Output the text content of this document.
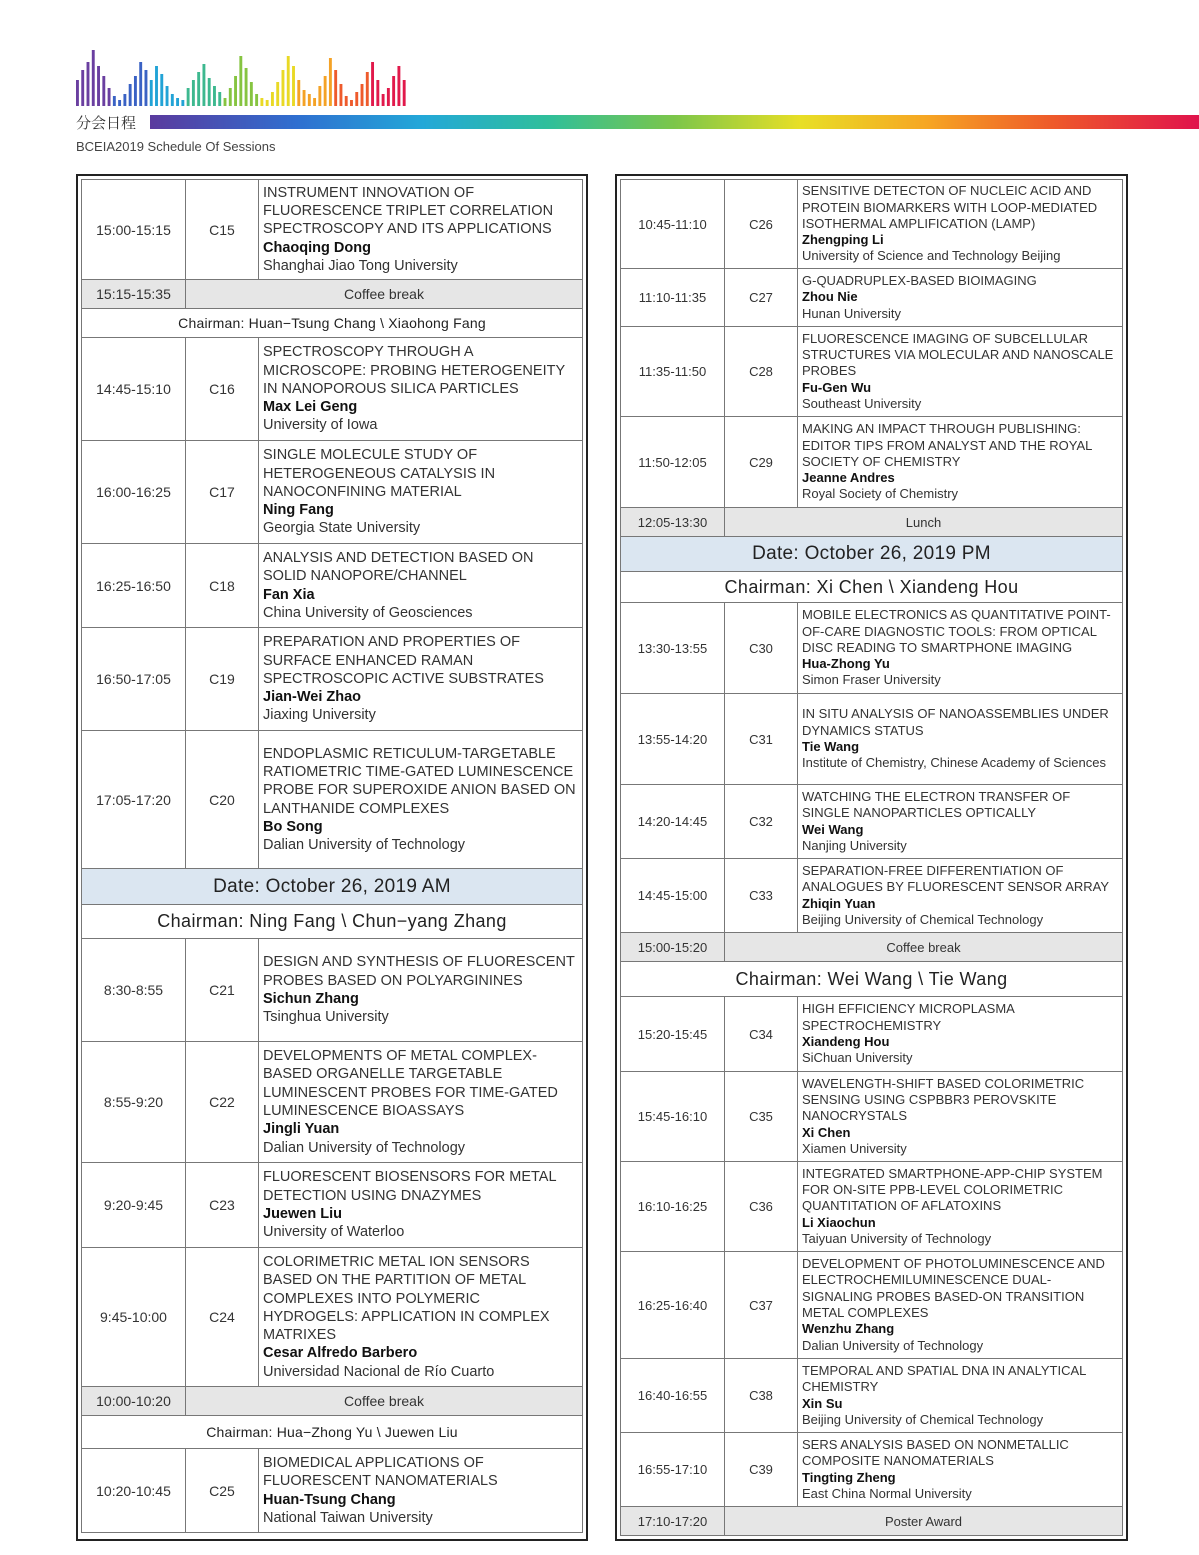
分会日程
BCEIA2019 Schedule Of Sessions
15:00-15:15	C15	INSTRUMENT INNOVATION OF FLUORESCENCE TRIPLET CORRELATION SPECTROSCOPY AND ITS APPLICATIONS
Chaoqing Dong
Shanghai Jiao Tong University

15:15-15:35	Coffee break	
Chairman: Huan−Tsung Chang \ Xiaohong Fang		
14:45-15:10	C16	SPECTROSCOPY THROUGH A MICROSCOPE: PROBING HETEROGENEITY IN NANOPOROUS SILICA PARTICLES
Max Lei Geng
University of Iowa

16:00-16:25	C17	SINGLE MOLECULE STUDY OF HETEROGENEOUS CATALYSIS IN NANOCONFINING MATERIAL
Ning Fang
Georgia State University

16:25-16:50	C18	ANALYSIS AND DETECTION BASED ON SOLID NANOPORE/CHANNEL
Fan Xia
China University of Geosciences

16:50-17:05	C19	PREPARATION AND PROPERTIES OF SURFACE ENHANCED RAMAN SPECTROSCOPIC ACTIVE SUBSTRATES
Jian-Wei Zhao
Jiaxing University

17:05-17:20	C20	ENDOPLASMIC RETICULUM-TARGETABLE RATIOMETRIC TIME-GATED LUMINESCENCE PROBE FOR SUPEROXIDE ANION BASED ON LANTHANIDE COMPLEXES
Bo Song
Dalian University of Technology

Date: October 26, 2019 AM		
Chairman: Ning Fang \ Chun−yang Zhang		
8:30-8:55	C21	DESIGN AND SYNTHESIS OF FLUORESCENT PROBES BASED ON POLYARGININES
Sichun Zhang
Tsinghua University

8:55-9:20	C22	DEVELOPMENTS OF METAL COMPLEX-BASED ORGANELLE TARGETABLE LUMINESCENT PROBES FOR TIME-GATED LUMINESCENCE BIOASSAYS
Jingli Yuan
Dalian University of Technology

9:20-9:45	C23	FLUORESCENT BIOSENSORS FOR METAL DETECTION USING DNAZYMES
Juewen Liu
University of Waterloo

9:45-10:00	C24	COLORIMETRIC METAL ION SENSORS BASED ON THE PARTITION OF METAL COMPLEXES INTO POLYMERIC HYDROGELS: APPLICATION IN COMPLEX MATRIXES
Cesar Alfredo Barbero
Universidad Nacional de Río Cuarto

10:00-10:20	Coffee break	
Chairman: Hua−Zhong Yu \ Juewen Liu		
10:20-10:45	C25	BIOMEDICAL APPLICATIONS OF FLUORESCENT NANOMATERIALS
Huan-Tsung Chang
National Taiwan University
10:45-11:10	C26	SENSITIVE DETECTON OF NUCLEIC ACID AND PROTEIN BIOMARKERS WITH LOOP-MEDIATED ISOTHERMAL AMPLIFICATION (LAMP)
Zhengping Li
University of Science and Technology Beijing

11:10-11:35	C27	G-QUADRUPLEX-BASED BIOIMAGING
Zhou Nie
Hunan University

11:35-11:50	C28	FLUORESCENCE IMAGING OF SUBCELLULAR STRUCTURES VIA MOLECULAR AND NANOSCALE PROBES
Fu-Gen Wu
Southeast University

11:50-12:05	C29	MAKING AN IMPACT THROUGH PUBLISHING: EDITOR TIPS FROM ANALYST AND THE ROYAL SOCIETY OF CHEMISTRY
Jeanne Andres
Royal Society of Chemistry

12:05-13:30	Lunch	
Date: October 26, 2019 PM		
Chairman: Xi Chen \ Xiandeng Hou		
13:30-13:55	C30	MOBILE ELECTRONICS AS QUANTITATIVE POINT-OF-CARE DIAGNOSTIC TOOLS: FROM OPTICAL DISC READING TO SMARTPHONE IMAGING
Hua-Zhong Yu
Simon Fraser University

13:55-14:20	C31	IN SITU ANALYSIS OF NANOASSEMBLIES UNDER DYNAMICS STATUS
Tie Wang
Institute of Chemistry, Chinese Academy of Sciences

14:20-14:45	C32	WATCHING THE ELECTRON TRANSFER OF SINGLE NANOPARTICLES OPTICALLY
Wei Wang
Nanjing University

14:45-15:00	C33	SEPARATION-FREE DIFFERENTIATION OF ANALOGUES BY FLUORESCENT SENSOR ARRAY
Zhiqin Yuan
Beijing University of Chemical Technology

15:00-15:20	Coffee break	
Chairman: Wei Wang \ Tie Wang		
15:20-15:45	C34	HIGH EFFICIENCY MICROPLASMA SPECTROCHEMISTRY
Xiandeng Hou
SiChuan University

15:45-16:10	C35	WAVELENGTH-SHIFT BASED COLORIMETRIC SENSING USING CSPBBR3 PEROVSKITE NANOCRYSTALS
Xi Chen
Xiamen University

16:10-16:25	C36	INTEGRATED SMARTPHONE-APP-CHIP SYSTEM FOR ON-SITE PPB-LEVEL COLORIMETRIC QUANTITATION OF AFLATOXINS
Li Xiaochun
Taiyuan University of Technology

16:25-16:40	C37	DEVELOPMENT OF PHOTOLUMINESCENCE AND ELECTROCHEMILUMINESCENCE DUAL-SIGNALING PROBES BASED-ON TRANSITION METAL COMPLEXES
Wenzhu Zhang
Dalian University of Technology

16:40-16:55	C38	TEMPORAL AND SPATIAL DNA IN ANALYTICAL CHEMISTRY
Xin Su
Beijing University of Chemical Technology

16:55-17:10	C39	SERS ANALYSIS BASED ON NONMETALLIC COMPOSITE NANOMATERIALS
Tingting Zheng
East China Normal University

17:10-17:20	Poster Award	
